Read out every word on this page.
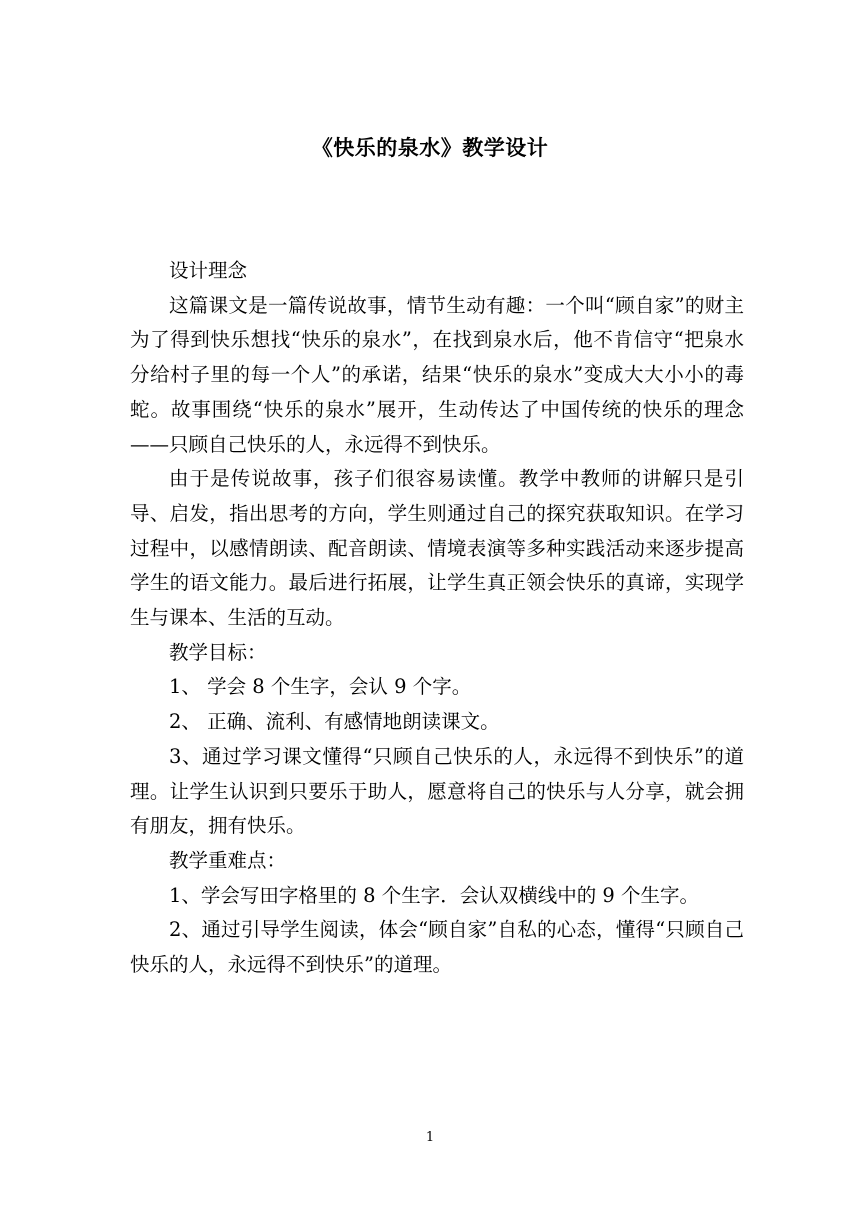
《快乐的泉水》教学设计

设计理念

这篇课文是一篇传说故事，情节生动有趣：一个叫“顾自家”的财主为了得到快乐想找“快乐的泉水”，在找到泉水后，他不肯信守“把泉水分给村子里的每一个人”的承诺，结果“快乐的泉水”变成大大小小的毒蛇。故事围绕“快乐的泉水”展开，生动传达了中国传统的快乐的理念——只顾自己快乐的人，永远得不到快乐。

由于是传说故事，孩子们很容易读懂。教学中教师的讲解只是引导、启发，指出思考的方向，学生则通过自己的探究获取知识。在学习过程中，以感情朗读、配音朗读、情境表演等多种实践活动来逐步提高学生的语文能力。最后进行拓展，让学生真正领会快乐的真谛，实现学生与课本、生活的互动。

教学目标：

1、 学会 8 个生字，会认 9 个字。

2、 正确、流利、有感情地朗读课文。

3、通过学习课文懂得“只顾自己快乐的人，永远得不到快乐”的道理。让学生认识到只要乐于助人，愿意将自己的快乐与人分享，就会拥有朋友，拥有快乐。

教学重难点：

1、学会写田字格里的 8 个生字．会认双横线中的 9 个生字。

2、通过引导学生阅读，体会“顾自家”自私的心态，懂得“只顾自己快乐的人，永远得不到快乐”的道理。

1
